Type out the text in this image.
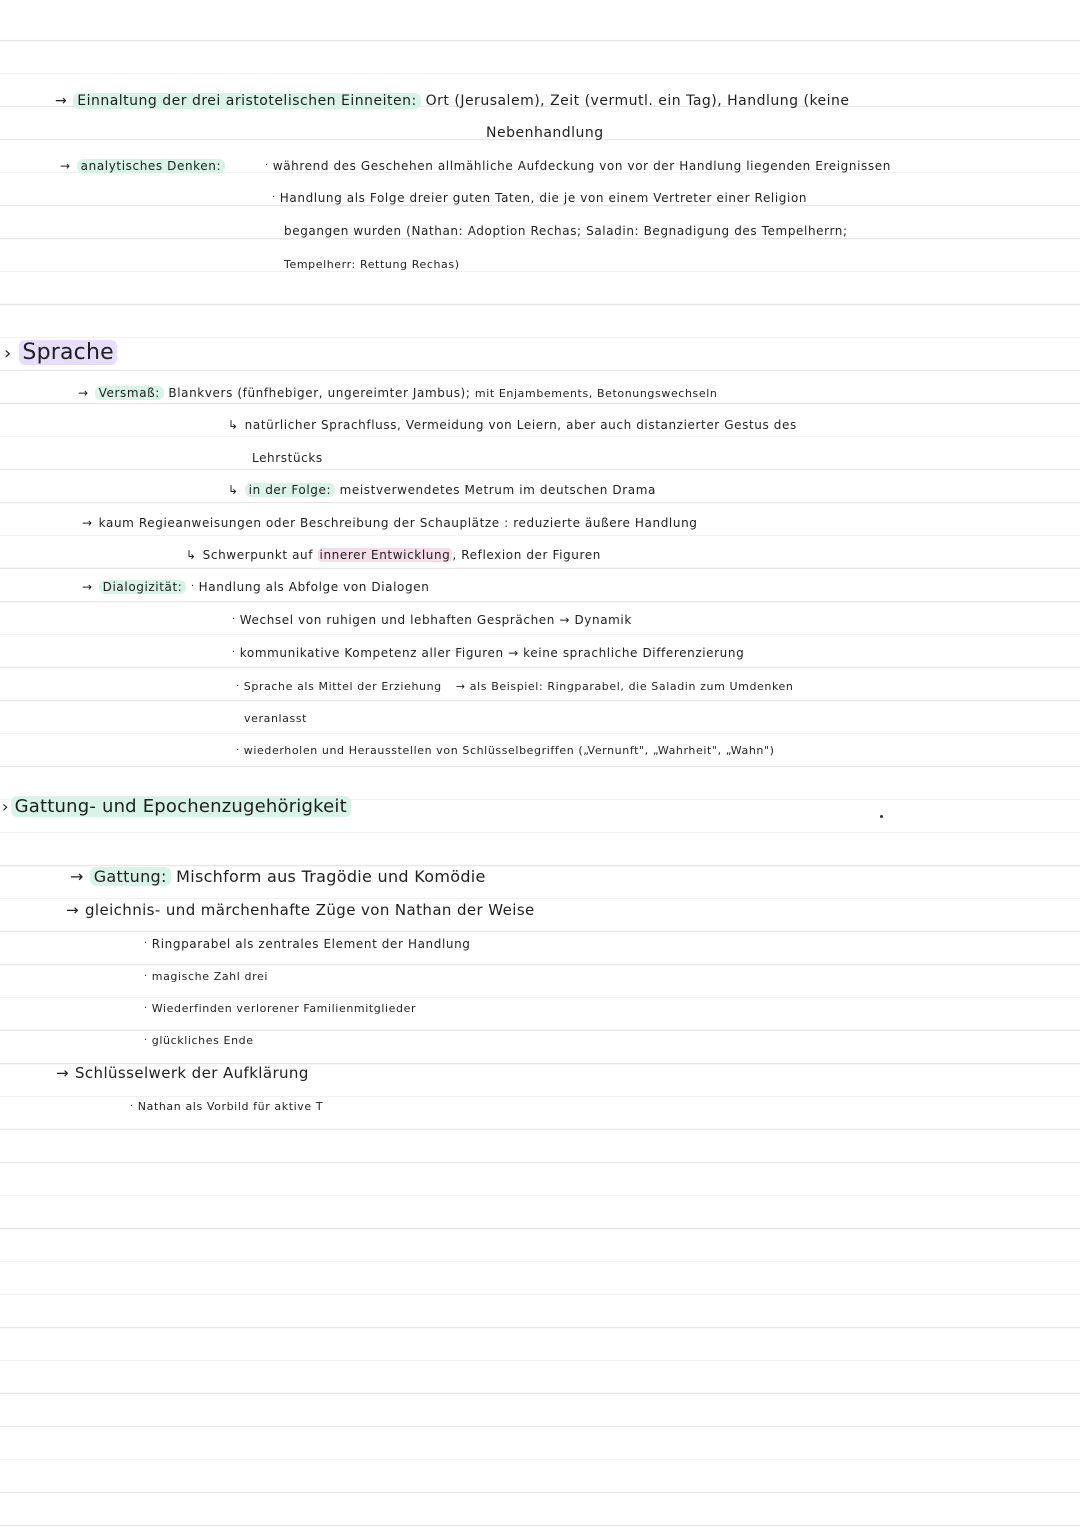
→ Einnaltung der drei aristotelischen Einneiten: Ort (Jerusalem), Zeit (vermutl. ein Tag), Handlung (keine
Nebenhandlung
→ analytisches Denken:	· während des Geschehen allmähliche Aufdeckung von vor der Handlung liegenden Ereignissen
· Handlung als Folge dreier guten Taten, die je von einem Vertreter einer Religion
begangen wurden (Nathan: Adoption Rechas; Saladin: Begnadigung des Tempelherrn;
Tempelherr: Rettung Rechas)
› Sprache
→ Versmaß: Blankvers (fünfhebiger, ungereimter Jambus); mit Enjambements, Betonungswechseln
↳ natürlicher Sprachfluss, Vermeidung von Leiern, aber auch distanzierter Gestus des
Lehrstücks
↳ in der Folge: meistverwendetes Metrum im deutschen Drama
→ kaum Regieanweisungen oder Beschreibung der Schauplätze : reduzierte äußere Handlung
↳ Schwerpunkt auf innerer Entwicklung , Reflexion der Figuren
→ Dialogizität: · Handlung als Abfolge von Dialogen
· Wechsel von ruhigen und lebhaften Gesprächen → Dynamik
· kommunikative Kompetenz aller Figuren → keine sprachliche Differenzierung
· Sprache als Mittel der Erziehung → als Beispiel: Ringparabel, die Saladin zum Umdenken
veranlasst
· wiederholen und Herausstellen von Schlüsselbegriffen („Vernunft", „Wahrheit", „Wahn")
› Gattung- und Epochenzugehörigkeit
→ Gattung: Mischform aus Tragödie und Komödie
→ gleichnis- und märchenhafte Züge von Nathan der Weise
· Ringparabel als zentrales Element der Handlung
· magische Zahl drei
· Wiederfinden verlorener Familienmitglieder
· glückliches Ende
→ Schlüsselwerk der Aufklärung
· Nathan als Vorbild für aktive T
